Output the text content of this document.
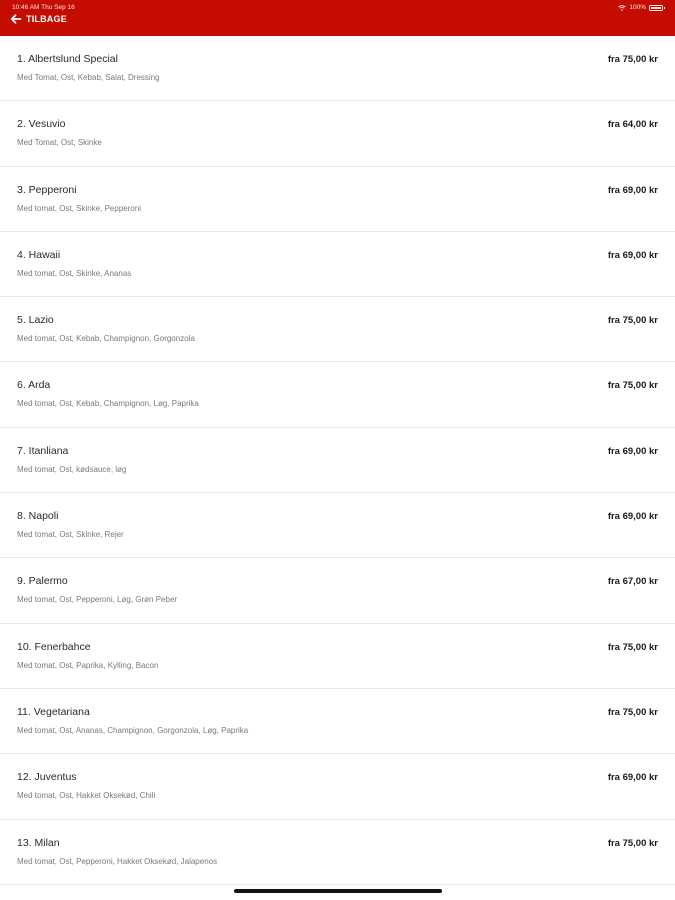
10:46 AM Thu Sep 16	100%
TILBAGE
1. Albertslund Special
Med Tomat, Ost, Kebab, Salat, Dressing
fra 75,00 kr
2. Vesuvio
Med Tomat, Ost, Skinke
fra 64,00 kr
3. Pepperoni
Med tomat, Ost, Skinke, Pepperoni
fra 69,00 kr
4. Hawaii
Med tomat, Ost, Skinke, Ananas
fra 69,00 kr
5. Lazio
Med tomat, Ost, Kebab, Champignon, Gorgonzola
fra 75,00 kr
6. Arda
Med tomat, Ost, Kebab, Champignon, Løg, Paprika
fra 75,00 kr
7. Itanliana
Med tomat, Ost, kødsauce, løg
fra 69,00 kr
8. Napoli
Med tomat, Ost, Skinke, Rejer
fra 69,00 kr
9. Palermo
Med tomat, Ost, Pepperoni, Løg, Grøn Peber
fra 67,00 kr
10. Fenerbahce
Med tomat, Ost, Paprika, Kylling, Bacon
fra 75,00 kr
11. Vegetariana
Med tomat, Ost, Ananas, Champignon, Gorgonzola, Løg, Paprika
fra 75,00 kr
12. Juventus
Med tomat, Ost, Hakket Oksekød, Chili
fra 69,00 kr
13. Milan
Med tomat, Ost, Pepperoni, Hakket Oksekød, Jalapenos
fra 75,00 kr
